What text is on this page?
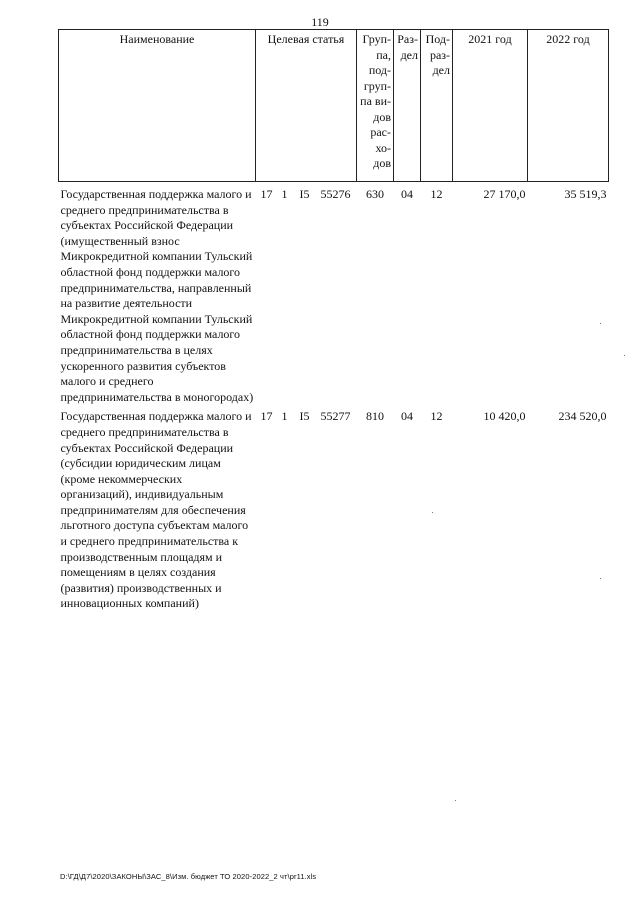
119
Наименование	Целевая статья	Груп-па, под-груп-па ви-дов рас-хо-дов	Раз-дел	Под-раз-дел	2021 год	2022 год
Государственная поддержка малого и среднего предпринимательства в субъектах Российской Федерации (имущественный взнос Микрокредитной компании Тульский областной фонд поддержки малого предпринимательства, направленный на развитие деятельности Микрокредитной компании Тульский областной фонд поддержки малого предпринимательства в целях ускоренного развития субъектов малого и среднего предпринимательства в моногородах)	17 1 I5 55276	630	04	12	27 170,0	35 519,3
Государственная поддержка малого и среднего предпринимательства в субъектах Российской Федерации (субсидии юридическим лицам (кроме некоммерческих организаций), индивидуальным предпринимателям для обеспечения льготного доступа субъектам малого и среднего предпринимательства к производственным площадям и помещениям в целях создания (развития) производственных и инновационных компаний)	17 1 I5 55277	810	04	12	10 420,0	234 520,0
D:\ГД\Д7\2020\ЗАКОНЫ\ЗАС_8\Изм. бюджет ТО 2020-2022_2 чт\pr11.xls
